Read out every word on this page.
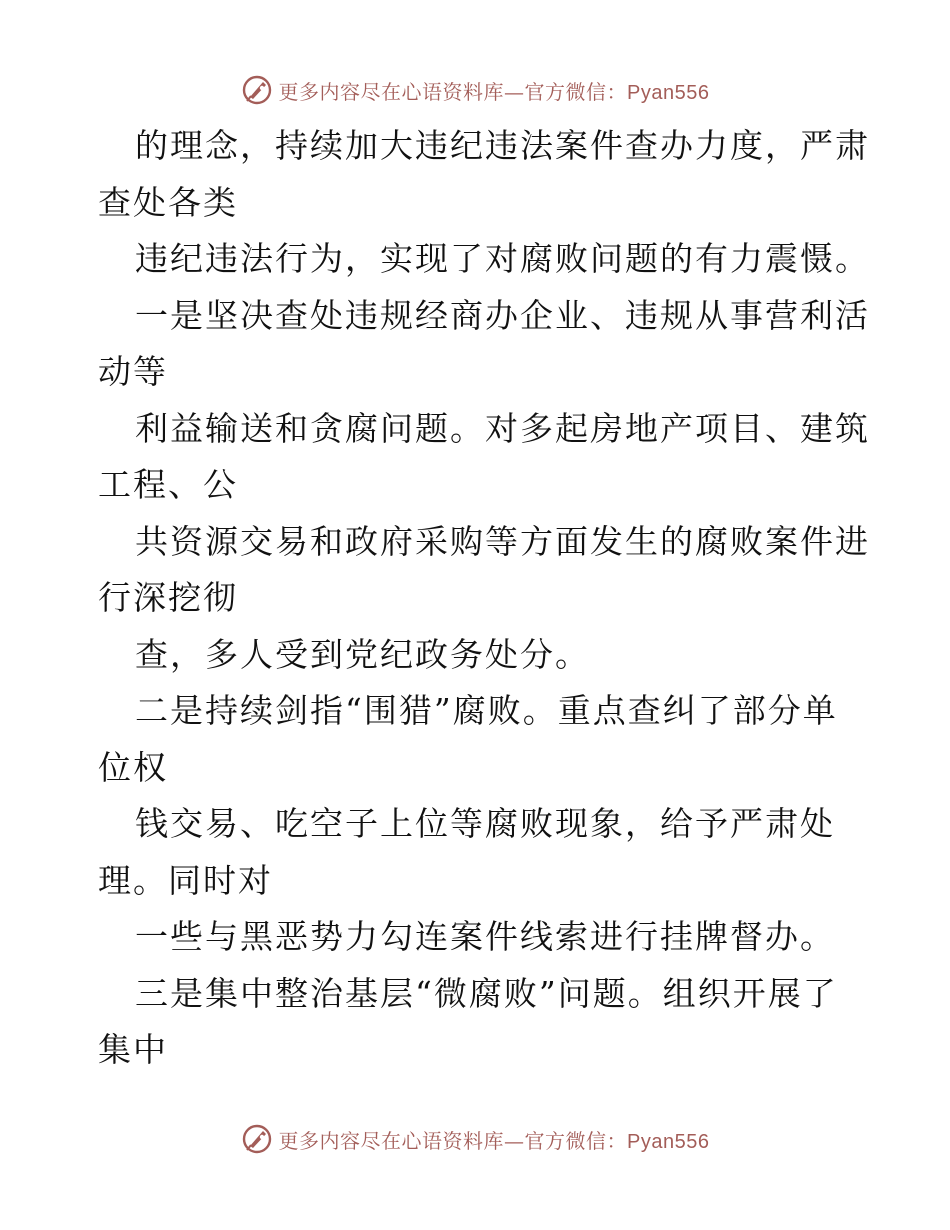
更多内容尽在心语资料库—官方微信：Pyan556
的理念，持续加大违纪违法案件查办力度，严肃
查处各类
违纪违法行为，实现了对腐败问题的有力震慑。
一是坚决查处违规经商办企业、违规从事营利活
动等
利益输送和贪腐问题。对多起房地产项目、建筑
工程、公
共资源交易和政府采购等方面发生的腐败案件进
行深挖彻
查，多人受到党纪政务处分。
二是持续剑指“围猎”腐败。重点查纠了部分单
位权
钱交易、吃空子上位等腐败现象，给予严肃处
理。同时对
一些与黑恶势力勾连案件线索进行挂牌督办。
三是集中整治基层“微腐败”问题。组织开展了
集中
更多内容尽在心语资料库—官方微信：Pyan556
